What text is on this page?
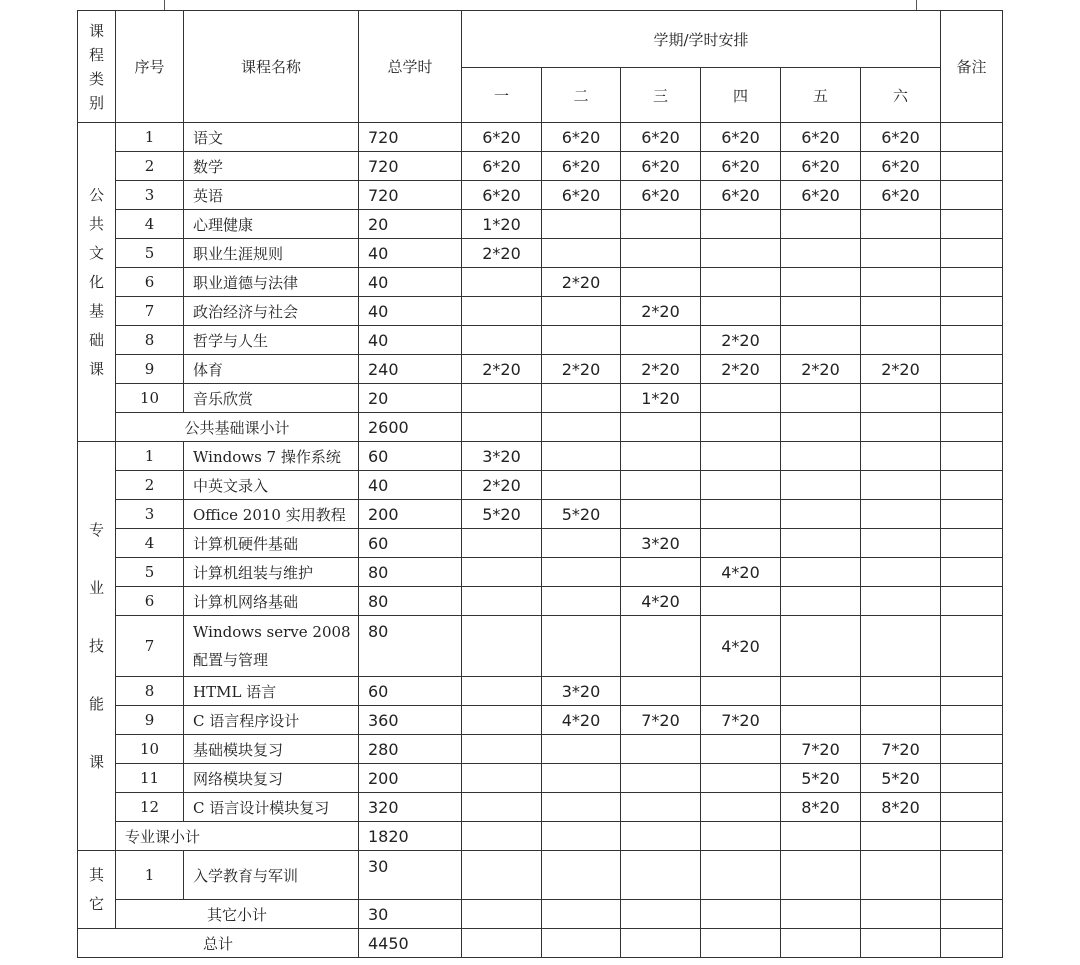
课程类别	序号	课程名称	总学时	学期/学时安排						备注
				一	二	三	四	五	六	
公共文化基础课	1	语文	720	6*20	6*20	6*20	6*20	6*20	6*20	
	2	数学	720	6*20	6*20	6*20	6*20	6*20	6*20	
	3	英语	720	6*20	6*20	6*20	6*20	6*20	6*20	
	4	心理健康	20	1*20						
	5	职业生涯规则	40	2*20						
	6	职业道德与法律	40		2*20					
	7	政治经济与社会	40			2*20				
	8	哲学与人生	40				2*20			
	9	体育	240	2*20	2*20	2*20	2*20	2*20	2*20	
	10	音乐欣赏	20			1*20				
	公共基础课小计		2600							
专业技能课	1	Windows 7 操作系统	60	3*20						
	2	中英文录入	40	2*20						
	3	Office 2010 实用教程	200	5*20	5*20					
	4	计算机硬件基础	60			3*20				
	5	计算机组装与维护	80				4*20			
	6	计算机网络基础	80			4*20				
	7	Windows serve 2008 配置与管理	80				4*20			
	8	HTML 语言	60		3*20					
	9	C 语言程序设计	360		4*20	7*20	7*20			
	10	基础模块复习	280					7*20	7*20	
	11	网络模块复习	200					5*20	5*20	
	12	C 语言设计模块复习	320					8*20	8*20	
	专业课小计		1820							
其它	1	入学教育与军训	30							
	其它小计		30							
总计			4450							
